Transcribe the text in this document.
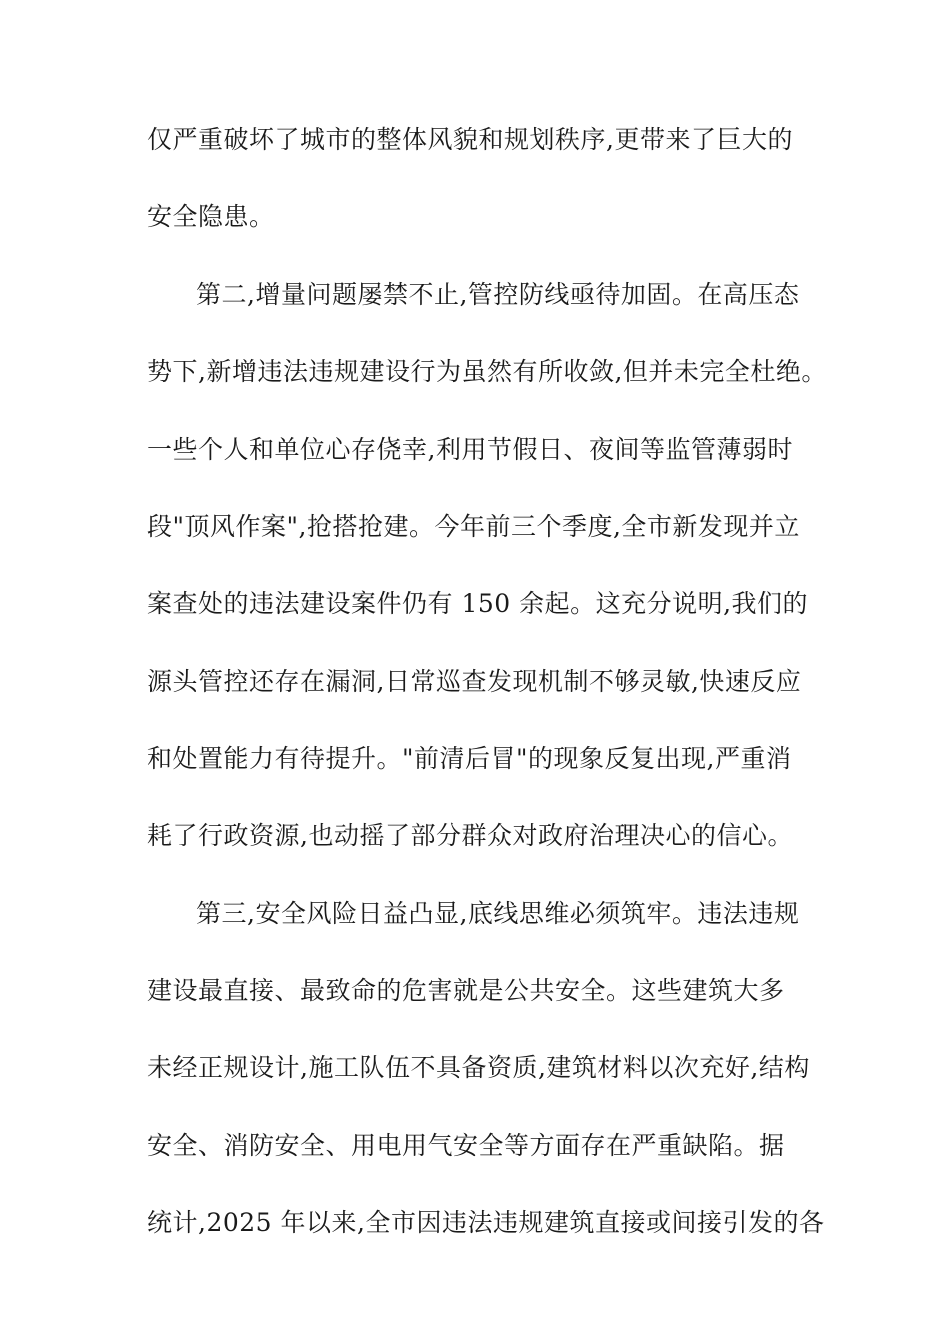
仅严重破坏了城市的整体风貌和规划秩序,更带来了巨大的
安全隐患。
第二,增量问题屡禁不止,管控防线亟待加固。在高压态
势下,新增违法违规建设行为虽然有所收敛,但并未完全杜绝。
一些个人和单位心存侥幸,利用节假日、夜间等监管薄弱时
段"顶风作案",抢搭抢建。今年前三个季度,全市新发现并立
案查处的违法建设案件仍有 150 余起。这充分说明,我们的
源头管控还存在漏洞,日常巡查发现机制不够灵敏,快速反应
和处置能力有待提升。"前清后冒"的现象反复出现,严重消
耗了行政资源,也动摇了部分群众对政府治理决心的信心。
第三,安全风险日益凸显,底线思维必须筑牢。违法违规
建设最直接、最致命的危害就是公共安全。这些建筑大多
未经正规设计,施工队伍不具备资质,建筑材料以次充好,结构
安全、消防安全、用电用气安全等方面存在严重缺陷。据
统计,2025 年以来,全市因违法违规建筑直接或间接引发的各
